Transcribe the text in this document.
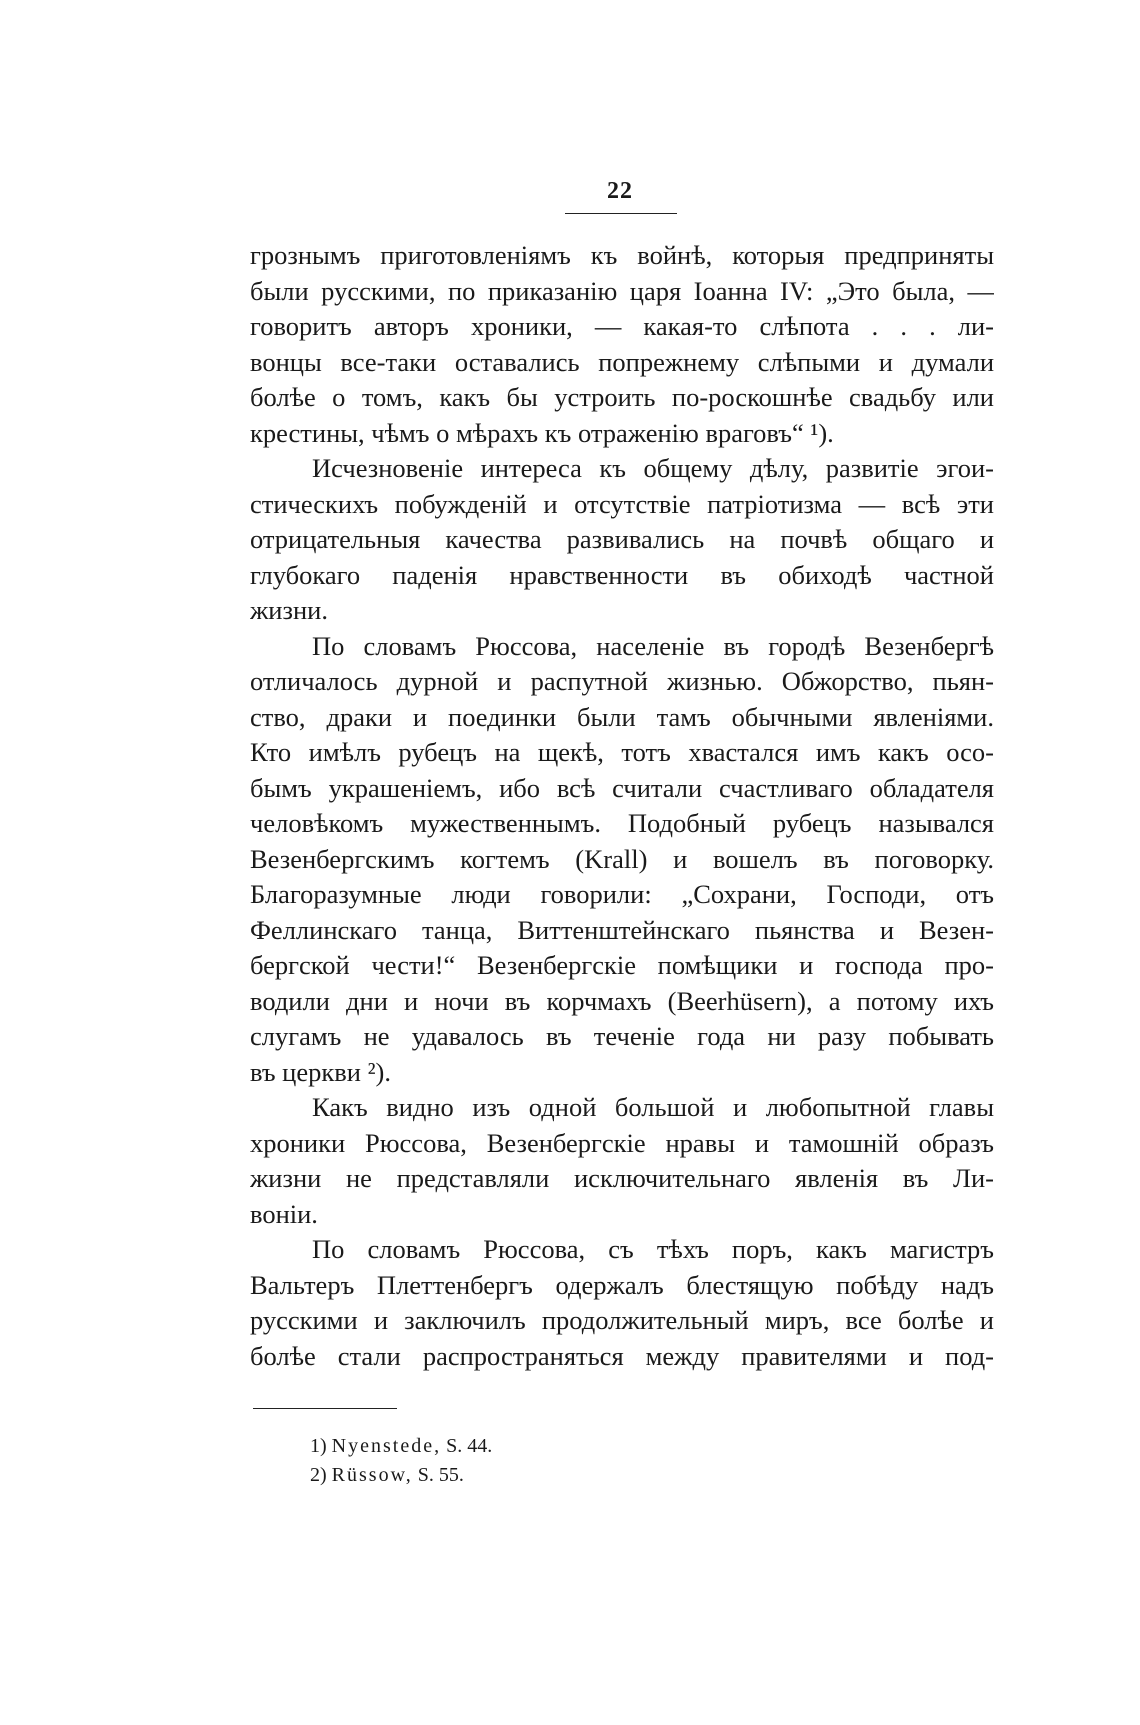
22
грознымъ приготовленіямъ къ войнѣ, которыя предприняты
были русскими, по приказанію царя Іоанна IV: „Это была, —
говоритъ авторъ хроники, — какая-то слѣпота . . . ли-
вонцы все-таки оставались попрежнему слѣпыми и думали
болѣе о томъ, какъ бы устроить по-роскошнѣе свадьбу или
крестины, чѣмъ о мѣрахъ къ отраженію враговъ“ ¹).
Исчезновеніе интереса къ общему дѣлу, развитіе эгои-
стическихъ побужденій и отсутствіе патріотизма — всѣ эти
отрицательныя качества развивались на почвѣ общаго и
глубокаго паденія нравственности въ обиходѣ частной
жизни.
По словамъ Рюссова, населеніе въ городѣ Везенбергѣ
отличалось дурной и распутной жизнью. Обжорство, пьян-
ство, драки и поединки были тамъ обычными явленіями.
Кто имѣлъ рубецъ на щекѣ, тотъ хвастался имъ какъ осо-
бымъ украшеніемъ, ибо всѣ считали счастливаго обладателя
человѣкомъ мужественнымъ. Подобный рубецъ назывался
Везенбергскимъ когтемъ (Krall) и вошелъ въ поговорку.
Благоразумные люди говорили: „Сохрани, Господи, отъ
Феллинскаго танца, Виттенштейнскаго пьянства и Везен-
бергской чести!“ Везенбергскіе помѣщики и господа про-
водили дни и ночи въ корчмахъ (Beerhüsern), а потому ихъ
слугамъ не удавалось въ теченіе года ни разу побывать
въ церкви ²).
Какъ видно изъ одной большой и любопытной главы
хроники Рюссова, Везенбергскіе нравы и тамошній образъ
жизни не представляли исключительнаго явленія въ Ли-
воніи.
По словамъ Рюссова, съ тѣхъ поръ, какъ магистръ
Вальтеръ Плеттенбергъ одержалъ блестящую побѣду надъ
русскими и заключилъ продолжительный миръ, все болѣе и
болѣе стали распространяться между правителями и под-
1) Nyenstede, S. 44.
2) Rüssow, S. 55.
